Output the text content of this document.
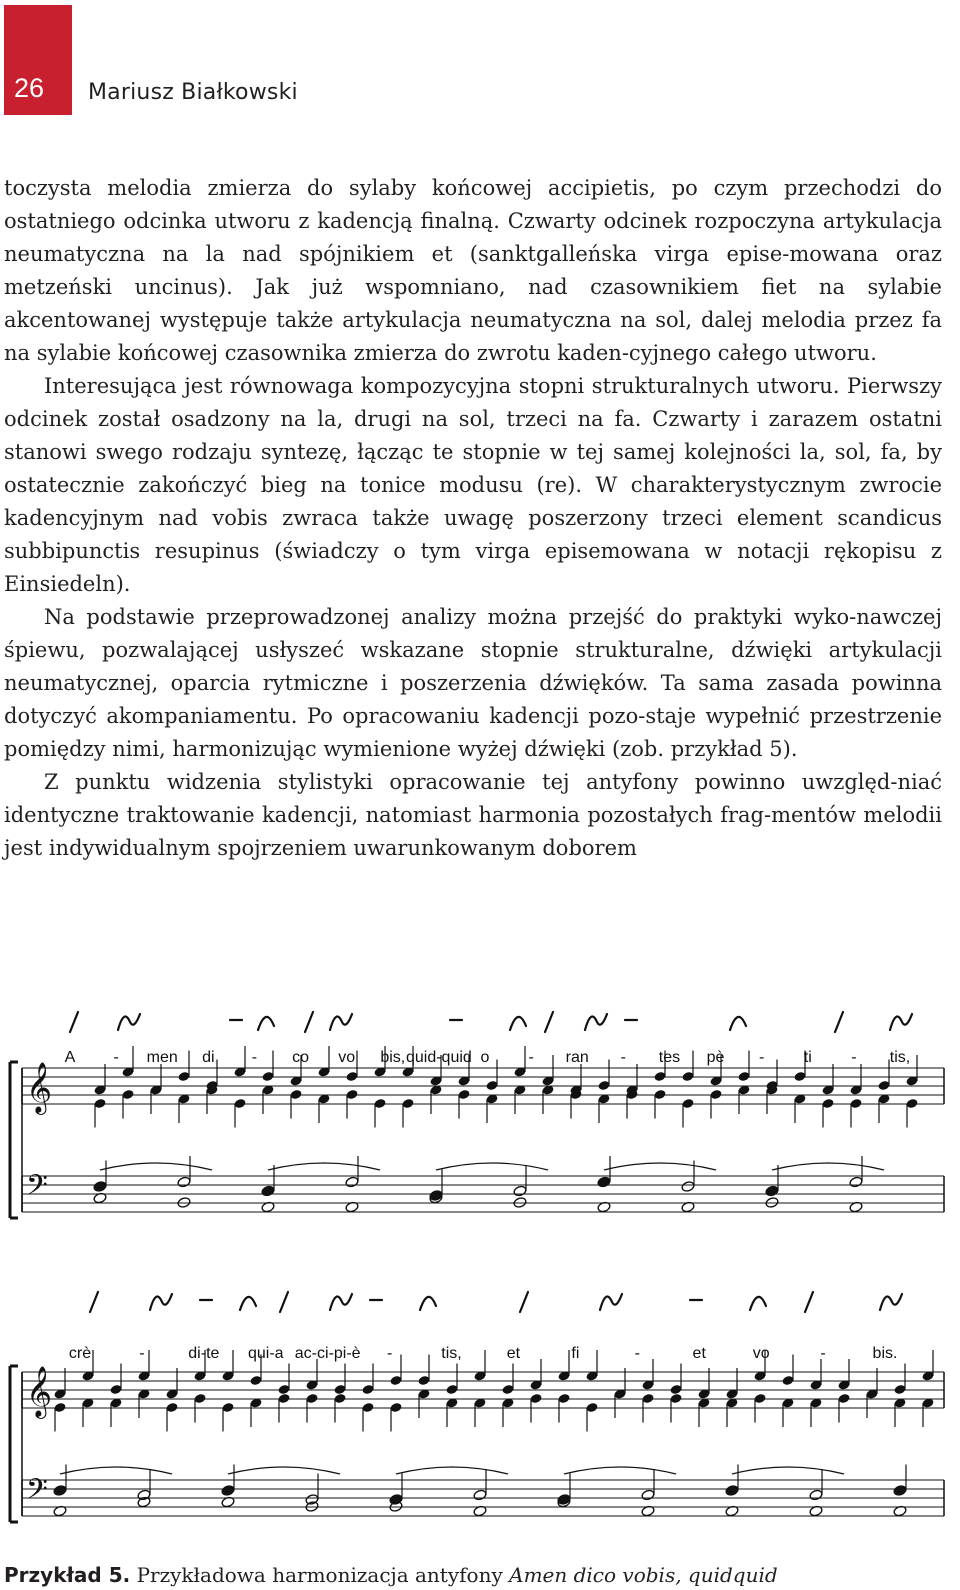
26 Mariusz Białkowski

toczysta melodia zmierza do sylaby końcowej accipietis, po czym przechodzi do ostatniego odcinka utworu z kadencją finalną. Czwarty odcinek rozpoczyna artykulacja neumatyczna na la nad spójnikiem et (sanktgalleńska virga epise-mowana oraz metzeński uncinus). Jak już wspomniano, nad czasownikiem fiet na sylabie akcentowanej występuje także artykulacja neumatyczna na sol, dalej melodia przez fa na sylabie końcowej czasownika zmierza do zwrotu kaden-cyjnego całego utworu.

Interesująca jest równowaga kompozycyjna stopni strukturalnych utworu. Pierwszy odcinek został osadzony na la, drugi na sol, trzeci na fa. Czwarty i zarazem ostatni stanowi swego rodzaju syntezę, łącząc te stopnie w tej samej kolejności la, sol, fa, by ostatecznie zakończyć bieg na tonice modusu (re). W charakterystycznym zwrocie kadencyjnym nad vobis zwraca także uwagę poszerzony trzeci element scandicus subbipunctis resupinus (świadczy o tym virga episemowana w notacji rękopisu z Einsiedeln).

Na podstawie przeprowadzonej analizy można przejść do praktyki wyko-nawczej śpiewu, pozwalającej usłyszeć wskazane stopnie strukturalne, dźwięki artykulacji neumatycznej, oparcia rytmiczne i poszerzenia dźwięków. Ta sama zasada powinna dotyczyć akompaniamentu. Po opracowaniu kadencji pozo-staje wypełnić przestrzenie pomiędzy nimi, harmonizując wymienione wyżej dźwięki (zob. przykład 5).

Z punktu widzenia stylistyki opracowanie tej antyfony powinno uwzględ-niać identyczne traktowanie kadencji, natomiast harmonia pozostałych frag-mentów melodii jest indywidualnym spojrzeniem uwarunkowanym doborem

A - men di - co vo bis, quid-quid o - ran - tes pè - ti - tis,
𝄞
𝄢
crè	-	di-te qui-a ac-ci-pi-è -	tis,	et	fi	-	et	vo	-	bis.
𝄞
𝄢
Przykład 5. Przykładowa harmonizacja antyfony Amen dico vobis, quidquid
